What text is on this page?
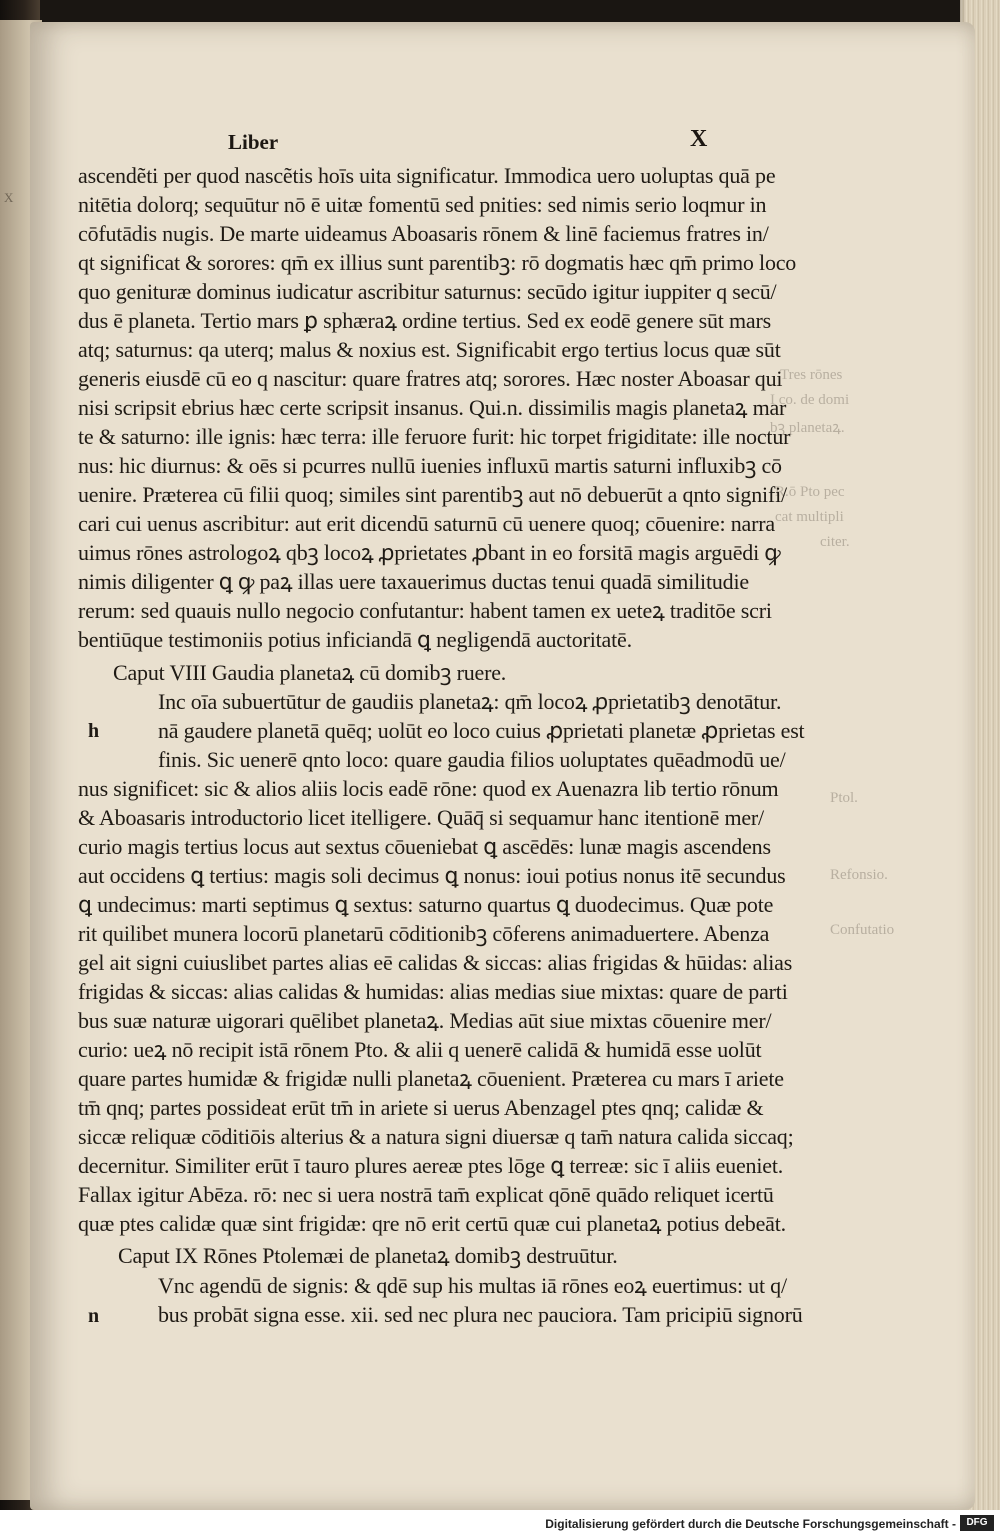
X
Liber	X
Tres rōnes
I co. de domi
bꝫ planetaꝝ.
R.ō Pto pec
cat multipli
citer.
Ptol.
Refonsio.
Confutatio
ascendẽti per quod nascẽtis hoīs uita significatur. Immodica uero uoluptas quā pe
nitētia dolorq; sequūtur nō ē uitæ fomentū sed pnities: sed nimis serio loqmur in
cōfutādis nugis. De marte uideamus Aboasaris rōnem & linē faciemus fratres in/
qt significat & sorores: qm̄ ex illius sunt parentibꝫ: rō dogmatis hæc qm̄ primo loco
quo genituræ dominus iudicatur ascribitur saturnus: secūdo igitur iuppiter q secū/
dus ē planeta. Tertio mars ꝑ sphæraꝝ ordine tertius. Sed ex eodē genere sūt mars
atq; saturnus: qa uterq; malus & noxius est. Significabit ergo tertius locus quæ sūt
generis eiusdē cū eo q nascitur: quare fratres atq; sorores. Hæc noster Aboasar qui
nisi scripsit ebrius hæc certe scripsit insanus. Qui.n. dissimilis magis planetaꝝ mar
te & saturno: ille ignis: hæc terra: ille feruore furit: hic torpet frigiditate: ille noctur
nus: hic diurnus: & oēs si pcurres nullū iuenies influxū martis saturni influxibꝫ cō
uenire. Præterea cū filii quoq; similes sint parentibꝫ aut nō debuerūt a qnto signifi/
cari cui uenus ascribitur: aut erit dicendū saturnū cū uenere quoq; cōuenire: narra
uimus rōnes astrologoꝝ qbꝫ locoꝝ ꝓprietates ꝓbant in eo forsitā magis arguēdi ꝙ
nimis diligenter ꝗ ꝙ paꝝ illas uere taxauerimus ductas tenui quadā similitudie
rerum: sed quauis nullo negocio confutantur: habent tamen ex ueteꝝ traditōe scri
bentiūque testimoniis potius inficiandā ꝗ negligendā auctoritatē.
Caput VIII Gaudia planetaꝝ cū domibꝫ ruere.
Inc oīa subuertūtur de gaudiis planetaꝝ: qm̄ locoꝝ ꝓprietatibꝫ denotātur.
h	nā gaudere planetā quēq; uolūt eo loco cuius ꝓprietati planetæ ꝓprietas est
finis. Sic uenerē qnto loco: quare gaudia filios uoluptates quēadmodū ue/
nus significet: sic & alios aliis locis eadē rōne: quod ex Auenazra lib tertio rōnum
& Aboasaris introductorio licet itelligere. Quāq̄ si sequamur hanc itentionē mer/
curio magis tertius locus aut sextus cōueniebat ꝗ ascēdēs: lunæ magis ascendens
aut occidens ꝗ tertius: magis soli decimus ꝗ nonus: ioui potius nonus itē secundus
ꝗ undecimus: marti septimus ꝗ sextus: saturno quartus ꝗ duodecimus. Quæ pote
rit quilibet munera locorū planetarū cōditionibꝫ cōferens animaduertere. Abenza
gel ait signi cuiuslibet partes alias eē calidas & siccas: alias frigidas & hūidas: alias
frigidas & siccas: alias calidas & humidas: alias medias siue mixtas: quare de parti
bus suæ naturæ uigorari quēlibet planetaꝝ. Medias aūt siue mixtas cōuenire mer/
curio: ueꝝ nō recipit istā rōnem Pto. & alii q uenerē calidā & humidā esse uolūt
quare partes humidæ & frigidæ nulli planetaꝝ cōuenient. Præterea cu mars ī ariete
tm̄ qnq; partes possideat erūt tm̄ in ariete si uerus Abenzagel ptes qnq; calidæ &
siccæ reliquæ cōditiōis alterius & a natura signi diuersæ q tam̄ natura calida siccaq;
decernitur. Similiter erūt ī tauro plures aereæ ptes lōge ꝗ terreæ: sic ī aliis eueniet.
Fallax igitur Abēza. rō: nec si uera nostrā tam̄ explicat qōnē quādo reliquet icertū
quæ ptes calidæ quæ sint frigidæ: qre nō erit certū quæ cui planetaꝝ potius debeāt.
Caput IX Rōnes Ptolemæi de planetaꝝ domibꝫ destruūtur.
Vnc agendū de signis: & qdē sup his multas iā rōnes eoꝝ euertimus: ut q/
n	bus probāt signa esse. xii. sed nec plura nec pauciora. Tam pricipiū signorū
Digitalisierung gefördert durch die Deutsche Forschungsgemeinschaft -	DFG
